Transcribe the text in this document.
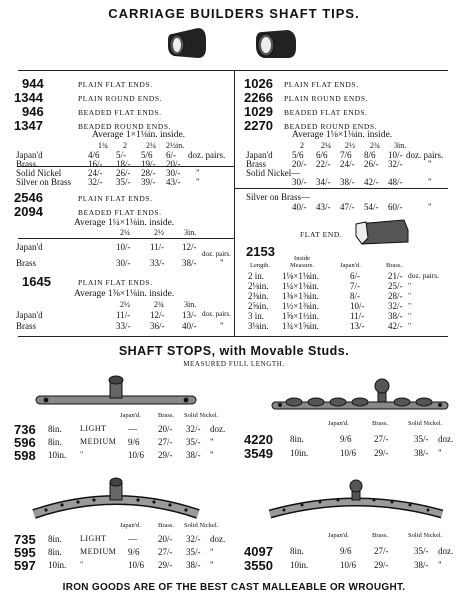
CARRIAGE BUILDERS SHAFT TIPS.
944	PLAIN FLAT ENDS.
1344	PLAIN ROUND ENDS.
946	BEADED FLAT ENDS.
1347	BEADED ROUND ENDS.
Average 1×1⅛in. inside.
1¾ 2 2¼ 2½in.
Japan'd	4/6 5/- 5/6 6/- doz. pairs.
Brass	16/- 18/- 19/- 20/-
Solid Nickel	24/- 26/- 28/- 30/- "
Silver on Brass 32/- 35/- 39/- 43/- "
1026 PLAIN FLAT ENDS.
2266 PLAIN ROUND ENDS.
1029 BEADED FLAT ENDS.
2270 BEADED ROUND ENDS.
Average 1⅛×1⅛in. inside.
2 2¼ 2½ 2¾ 3in.
Japan'd 5/6 6/6 7/6 8/6 10/- doz. pairs.
Brass	20/- 22/- 24/- 26/- 32/-	"
Solid Nickel—
30/- 34/- 38/- 42/- 48/-	"
Silver on Brass—
40/- 43/- 47/- 54/- 60/-	"
2546	PLAIN FLAT ENDS.
2094	BEADED FLAT ENDS.
Average 1¼×1⅛in. inside.
2¼	2½	3in.
Japan'd	10/- 11/- 12/-
doz. pairs.
Brass	30/- 33/- 38/-	"
1645	PLAIN FLAT ENDS.
Average 1⅜×1⅛in. inside.
2½	2¾	3in.
Japan'd	11/- 12/- 13/- doz. pairs.
Brass	33/- 36/- 40/-	"
FLAT END.
2153
Length.
Inside Measure.	Japan'd.	Brass.
2 in. 1⅛×1⅛in.	6/-	21/- doz. pairs.
2⅛in. 1¼×1⅛in.	7/-	25/- "
2⅜in. 1⅜×1⅜in.	8/-	28/- "
2⅝in. 1½×1⅜in.	10/-	32/- "
3 in. 1⅝×1½in.	11/-	38/- "
3⅛in. 1¾×1⅝in.	13/-	42/- "
SHAFT STOPS, with Movable Studs.
MEASURED FULL LENGTH.
Japan'd.	Brass. Solid Nickel.
736 8in. LIGHT — 20/- 32/- doz.
596 8in. MEDIUM 9/6 27/- 35/- "
598 10in. "	10/6 29/- 38/- "
Japan'd.	Brass.	Solid Nickel.
4220 8in.	9/6 27/-	35/- doz.
3549 10in.	10/6 29/-	38/- "
Japan'd.	Brass. Solid Nickel.
735 8in. LIGHT — 20/- 32/- doz.
595 8in. MEDIUM 9/6 27/- 35/- "
597 10in. "	10/6 29/- 38/- "
Japan'd.	Brass.	Solid Nickel.
4097 8in.	9/6 27/-	35/- doz.
3550 10in.	10/6 29/-	38/- "
IRON GOODS ARE OF THE BEST CAST MALLEABLE OR WROUGHT.
